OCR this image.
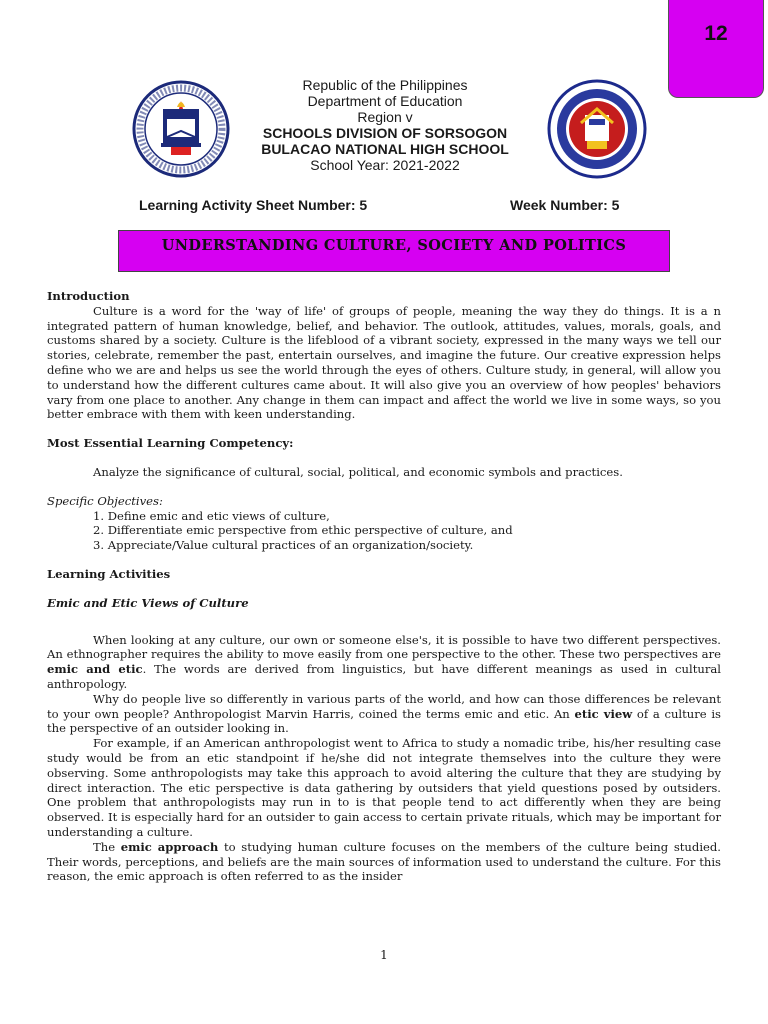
12
Republic of the Philippines
Department of Education
Region v
SCHOOLS DIVISION OF SORSOGON
BULACAO NATIONAL HIGH SCHOOL
School Year: 2021-2022
Learning Activity Sheet Number: 5	Week Number: 5
UNDERSTANDING CULTURE, SOCIETY AND POLITICS

Introduction

Culture is a word for the 'way of life' of groups of people, meaning the way they do things. It is a n integrated pattern of human knowledge, belief, and behavior. The outlook, attitudes, values, morals, goals, and customs shared by a society. Culture is the lifeblood of a vibrant society, expressed in the many ways we tell our stories, celebrate, remember the past, entertain ourselves, and imagine the future. Our creative expression helps define who we are and helps us see the world through the eyes of others. Culture study, in general, will allow you to understand how the different cultures came about. It will also give you an overview of how peoples' behaviors vary from one place to another. Any change in them can impact and affect the world we live in some ways, so you better embrace with them with keen understanding.

Most Essential Learning Competency:

Analyze the significance of cultural, social, political, and economic symbols and practices.

Specific Objectives:

1. Define emic and etic views of culture,

2. Differentiate emic perspective from ethic perspective of culture, and

3. Appreciate/Value cultural practices of an organization/society.

Learning Activities

Emic and Etic Views of Culture

When looking at any culture, our own or someone else's, it is possible to have two different perspectives. An ethnographer requires the ability to move easily from one perspective to the other. These two perspectives are emic and etic. The words are derived from linguistics, but have different meanings as used in cultural anthropology.

Why do people live so differently in various parts of the world, and how can those differences be relevant to your own people? Anthropologist Marvin Harris, coined the terms emic and etic. An etic view of a culture is the perspective of an outsider looking in.

For example, if an American anthropologist went to Africa to study a nomadic tribe, his/her resulting case study would be from an etic standpoint if he/she did not integrate themselves into the culture they were observing. Some anthropologists may take this approach to avoid altering the culture that they are studying by direct interaction. The etic perspective is data gathering by outsiders that yield questions posed by outsiders. One problem that anthropologists may run in to is that people tend to act differently when they are being observed. It is especially hard for an outsider to gain access to certain private rituals, which may be important for understanding a culture.

The emic approach to studying human culture focuses on the members of the culture being studied. Their words, perceptions, and beliefs are the main sources of information used to understand the culture. For this reason, the emic approach is often referred to as the insider

1
